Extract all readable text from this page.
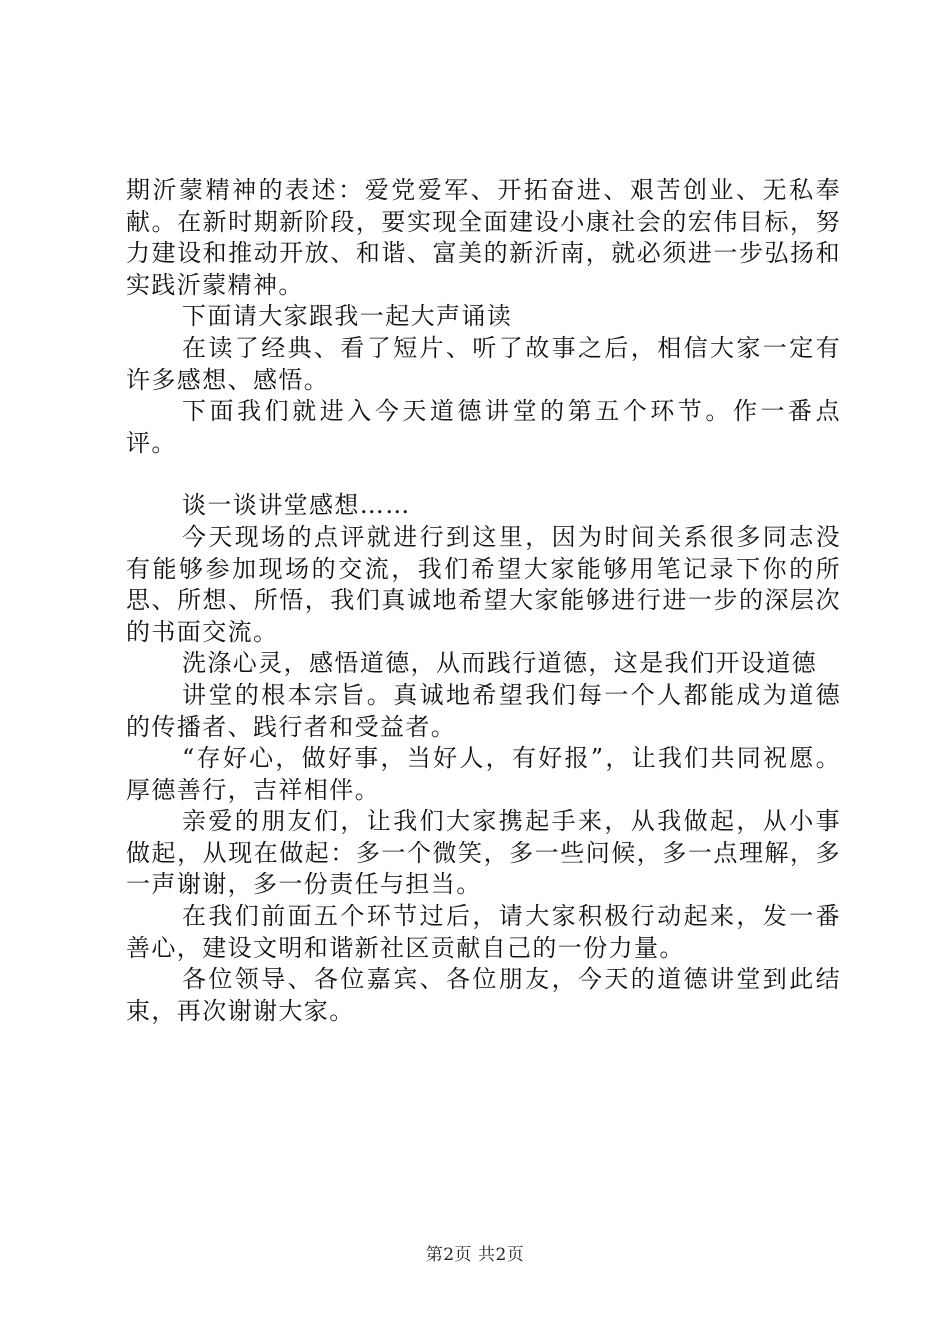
期沂蒙精神的表述：爱党爱军、开拓奋进、艰苦创业、无私奉献。在新时期新阶段，要实现全面建设小康社会的宏伟目标，努力建设和推动开放、和谐、富美的新沂南，就必须进一步弘扬和实践沂蒙精神。

下面请大家跟我一起大声诵读

在读了经典、看了短片、听了故事之后，相信大家一定有许多感想、感悟。

下面我们就进入今天道德讲堂的第五个环节。作一番点评。

谈一谈讲堂感想……

今天现场的点评就进行到这里，因为时间关系很多同志没有能够参加现场的交流，我们希望大家能够用笔记录下你的所思、所想、所悟，我们真诚地希望大家能够进行进一步的深层次的书面交流。

洗涤心灵，感悟道德，从而践行道德，这是我们开设道德

讲堂的根本宗旨。真诚地希望我们每一个人都能成为道德的传播者、践行者和受益者。

“存好心，做好事，当好人，有好报”，让我们共同祝愿。厚德善行，吉祥相伴。

亲爱的朋友们，让我们大家携起手来，从我做起，从小事做起，从现在做起：多一个微笑，多一些问候，多一点理解，多一声谢谢，多一份责任与担当。

在我们前面五个环节过后，请大家积极行动起来，发一番善心，建设文明和谐新社区贡献自己的一份力量。

各位领导、各位嘉宾、各位朋友，今天的道德讲堂到此结束，再次谢谢大家。

第2页 共2页
